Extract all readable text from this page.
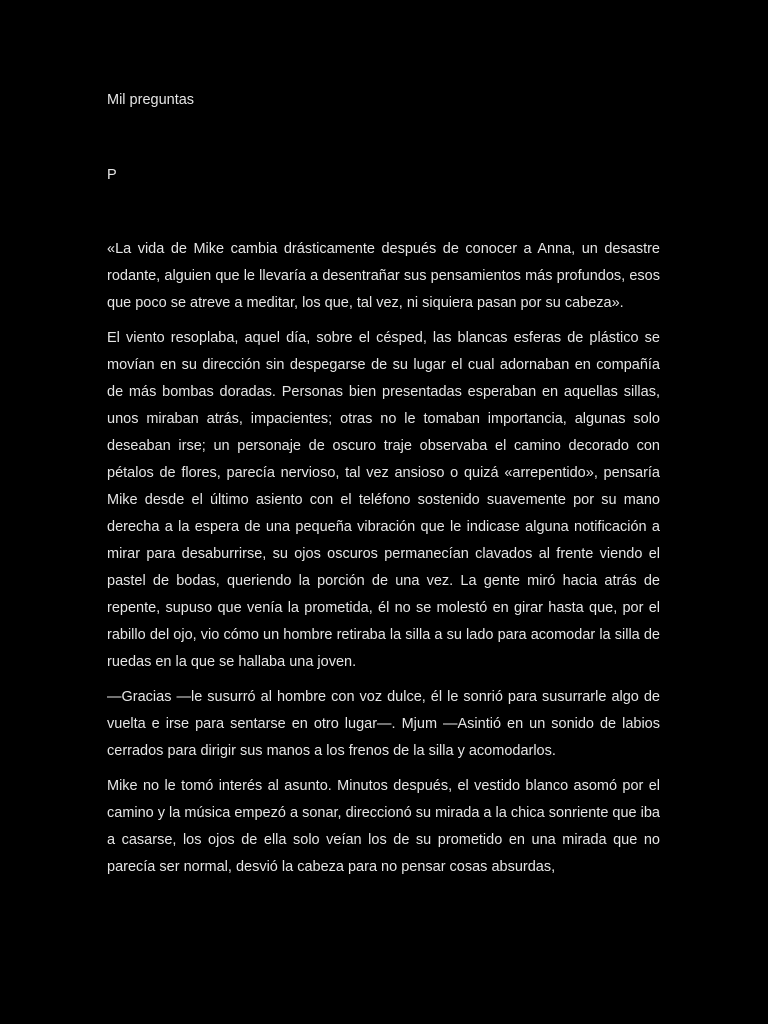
Mil preguntas
P

«La vida de Mike cambia drásticamente después de conocer a Anna, un desastre rodante, alguien que le llevaría a desentrañar sus pensamientos más profundos, esos que poco se atreve a meditar, los que, tal vez, ni siquiera pasan por su cabeza».

El viento resoplaba, aquel día, sobre el césped, las blancas esferas de plástico se movían en su dirección sin despegarse de su lugar el cual adornaban en compañía de más bombas doradas. Personas bien presentadas esperaban en aquellas sillas, unos miraban atrás, impacientes; otras no le tomaban importancia, algunas solo deseaban irse; un personaje de oscuro traje observaba el camino decorado con pétalos de flores, parecía nervioso, tal vez ansioso o quizá «arrepentido», pensaría Mike desde el último asiento con el teléfono sostenido suavemente por su mano derecha a la espera de una pequeña vibración que le indicase alguna notificación a mirar para desaburrirse, su ojos oscuros permanecían clavados al frente viendo el pastel de bodas, queriendo la porción de una vez. La gente miró hacia atrás de repente, supuso que venía la prometida, él no se molestó en girar hasta que, por el rabillo del ojo, vio cómo un hombre retiraba la silla a su lado para acomodar la silla de ruedas en la que se hallaba una joven.

—Gracias —le susurró al hombre con voz dulce, él le sonrió para susurrarle algo de vuelta e irse para sentarse en otro lugar—. Mjum —Asintió en un sonido de labios cerrados para dirigir sus manos a los frenos de la silla y acomodarlos.

Mike no le tomó interés al asunto. Minutos después, el vestido blanco asomó por el camino y la música empezó a sonar, direccionó su mirada a la chica sonriente que iba a casarse, los ojos de ella solo veían los de su prometido en una mirada que no parecía ser normal, desvió la cabeza para no pensar cosas absurdas,
